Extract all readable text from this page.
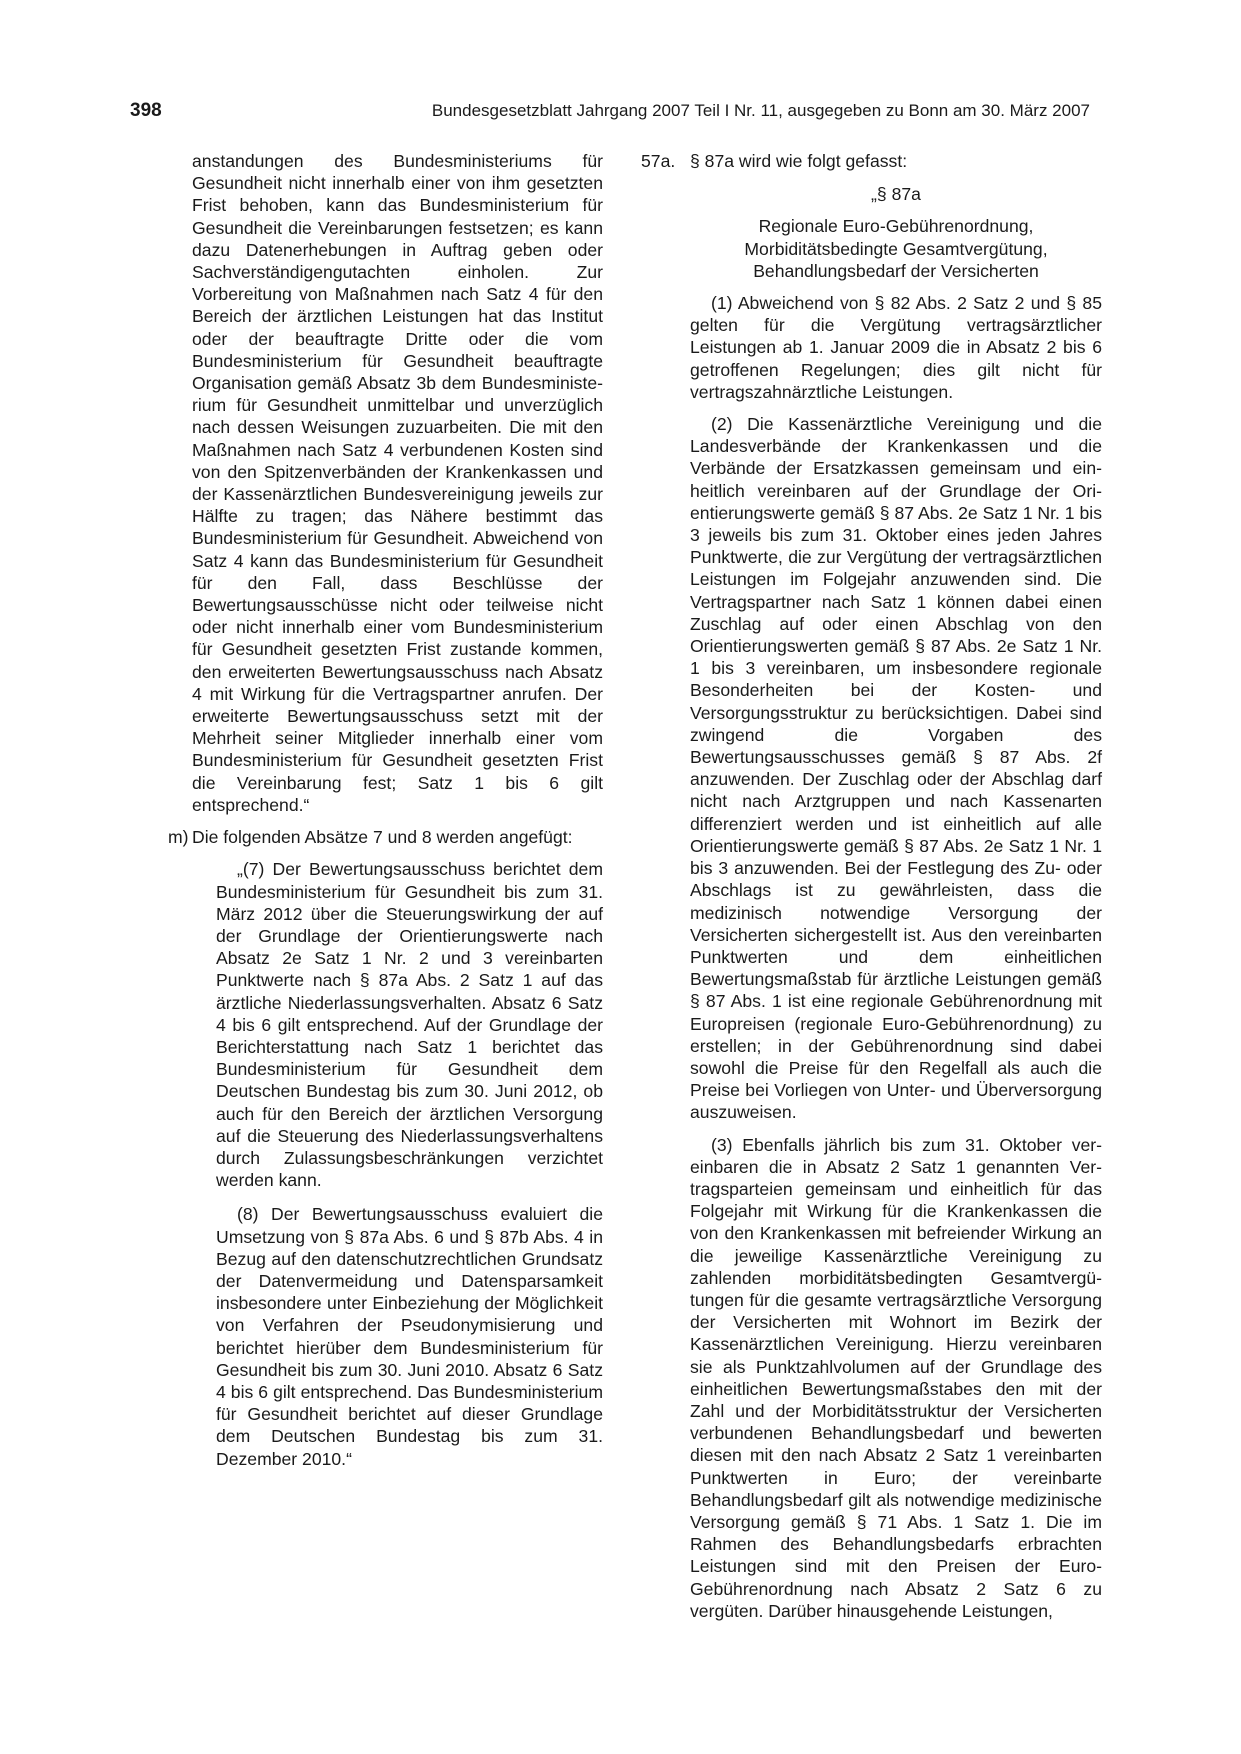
398	Bundesgesetzblatt Jahrgang 2007 Teil I Nr. 11, ausgegeben zu Bonn am 30. März 2007

anstandungen des Bundesministeriums für Gesundheit nicht innerhalb einer von ihm gesetzten Frist behoben, kann das Bundesministerium für Gesundheit die Vereinbarungen festsetzen; es kann dazu Datenerhebungen in Auftrag geben oder Sachverständigengutachten einholen. Zur Vorbereitung von Maßnahmen nach Satz 4 für den Bereich der ärztlichen Leistungen hat das Institut oder der beauftragte Dritte oder die vom Bundesministerium für Gesundheit beauftragte Organisation gemäß Absatz 3b dem Bundesministerium für Gesundheit unmittelbar und unverzüglich nach dessen Weisungen zuzuarbeiten. Die mit den Maßnahmen nach Satz 4 verbundenen Kosten sind von den Spitzenverbänden der Krankenkassen und der Kassenärztlichen Bundesvereinigung jeweils zur Hälfte zu tragen; das Nähere bestimmt das Bundesministerium für Gesundheit. Abweichend von Satz 4 kann das Bundesministerium für Gesundheit für den Fall, dass Beschlüsse der Bewertungsausschüsse nicht oder teilweise nicht oder nicht innerhalb einer vom Bundesministerium für Gesundheit gesetzten Frist zustande kommen, den erweiterten Bewertungsausschuss nach Absatz 4 mit Wirkung für die Vertragspartner anrufen. Der erweiterte Bewertungsausschuss setzt mit der Mehrheit seiner Mitglieder innerhalb einer vom Bundesministerium für Gesundheit gesetzten Frist die Vereinbarung fest; Satz 1 bis 6 gilt entsprechend.“

m) Die folgenden Absätze 7 und 8 werden angefügt:

„(7) Der Bewertungsausschuss berichtet dem Bundesministerium für Gesundheit bis zum 31. März 2012 über die Steuerungswirkung der auf der Grundlage der Orientierungswerte nach Absatz 2e Satz 1 Nr. 2 und 3 vereinbarten Punktwerte nach § 87a Abs. 2 Satz 1 auf das ärztliche Niederlassungsverhalten. Absatz 6 Satz 4 bis 6 gilt entsprechend. Auf der Grundlage der Berichterstattung nach Satz 1 berichtet das Bundesministerium für Gesundheit dem Deutschen Bundestag bis zum 30. Juni 2012, ob auch für den Bereich der ärztlichen Versorgung auf die Steuerung des Niederlassungsverhaltens durch Zulassungsbeschränkungen verzichtet werden kann.

(8) Der Bewertungsausschuss evaluiert die Umsetzung von § 87a Abs. 6 und § 87b Abs. 4 in Bezug auf den datenschutzrechtlichen Grundsatz der Datenvermeidung und Datensparsamkeit insbesondere unter Einbeziehung der Möglichkeit von Verfahren der Pseudonymisierung und berichtet hierüber dem Bundesministerium für Gesundheit bis zum 30. Juni 2010. Absatz 6 Satz 4 bis 6 gilt entsprechend. Das Bundesministerium für Gesundheit berichtet auf dieser Grundlage dem Deutschen Bundestag bis zum 31. Dezember 2010.“

57a. § 87a wird wie folgt gefasst:

„§ 87a

Regionale Euro-Gebührenordnung,
Morbiditätsbedingte Gesamtvergütung,
Behandlungsbedarf der Versicherten

(1) Abweichend von § 82 Abs. 2 Satz 2 und § 85 gelten für die Vergütung vertragsärztlicher Leistungen ab 1. Januar 2009 die in Absatz 2 bis 6 getroffenen Regelungen; dies gilt nicht für vertragszahnärztliche Leistungen.

(2) Die Kassenärztliche Vereinigung und die Landesverbände der Krankenkassen und die Verbände der Ersatzkassen gemeinsam und einheitlich vereinbaren auf der Grundlage der Orientierungswerte gemäß § 87 Abs. 2e Satz 1 Nr. 1 bis 3 jeweils bis zum 31. Oktober eines jeden Jahres Punktwerte, die zur Vergütung der vertragsärztlichen Leistungen im Folgejahr anzuwenden sind. Die Vertragspartner nach Satz 1 können dabei einen Zuschlag auf oder einen Abschlag von den Orientierungswerten gemäß § 87 Abs. 2e Satz 1 Nr. 1 bis 3 vereinbaren, um insbesondere regionale Besonderheiten bei der Kosten- und Versorgungsstruktur zu berücksichtigen. Dabei sind zwingend die Vorgaben des Bewertungsausschusses gemäß § 87 Abs. 2f anzuwenden. Der Zuschlag oder der Abschlag darf nicht nach Arztgruppen und nach Kassenarten differenziert werden und ist einheitlich auf alle Orientierungswerte gemäß § 87 Abs. 2e Satz 1 Nr. 1 bis 3 anzuwenden. Bei der Festlegung des Zu- oder Abschlags ist zu gewährleisten, dass die medizinisch notwendige Versorgung der Versicherten sichergestellt ist. Aus den vereinbarten Punktwerten und dem einheitlichen Bewertungsmaßstab für ärztliche Leistungen gemäß § 87 Abs. 1 ist eine regionale Gebührenordnung mit Europreisen (regionale Euro-Gebührenordnung) zu erstellen; in der Gebührenordnung sind dabei sowohl die Preise für den Regelfall als auch die Preise bei Vorliegen von Unter- und Überversorgung auszuweisen.

(3) Ebenfalls jährlich bis zum 31. Oktober vereinbaren die in Absatz 2 Satz 1 genannten Vertragsparteien gemeinsam und einheitlich für das Folgejahr mit Wirkung für die Krankenkassen die von den Krankenkassen mit befreiender Wirkung an die jeweilige Kassenärztliche Vereinigung zu zahlenden morbiditätsbedingten Gesamtvergütungen für die gesamte vertragsärztliche Versorgung der Versicherten mit Wohnort im Bezirk der Kassenärztlichen Vereinigung. Hierzu vereinbaren sie als Punktzahlvolumen auf der Grundlage des einheitlichen Bewertungsmaßstabes den mit der Zahl und der Morbiditätsstruktur der Versicherten verbundenen Behandlungsbedarf und bewerten diesen mit den nach Absatz 2 Satz 1 vereinbarten Punktwerten in Euro; der vereinbarte Behandlungsbedarf gilt als notwendige medizinische Versorgung gemäß § 71 Abs. 1 Satz 1. Die im Rahmen des Behandlungsbedarfs erbrachten Leistungen sind mit den Preisen der Euro-Gebührenordnung nach Absatz 2 Satz 6 zu vergüten. Darüber hinausgehende Leistungen,
